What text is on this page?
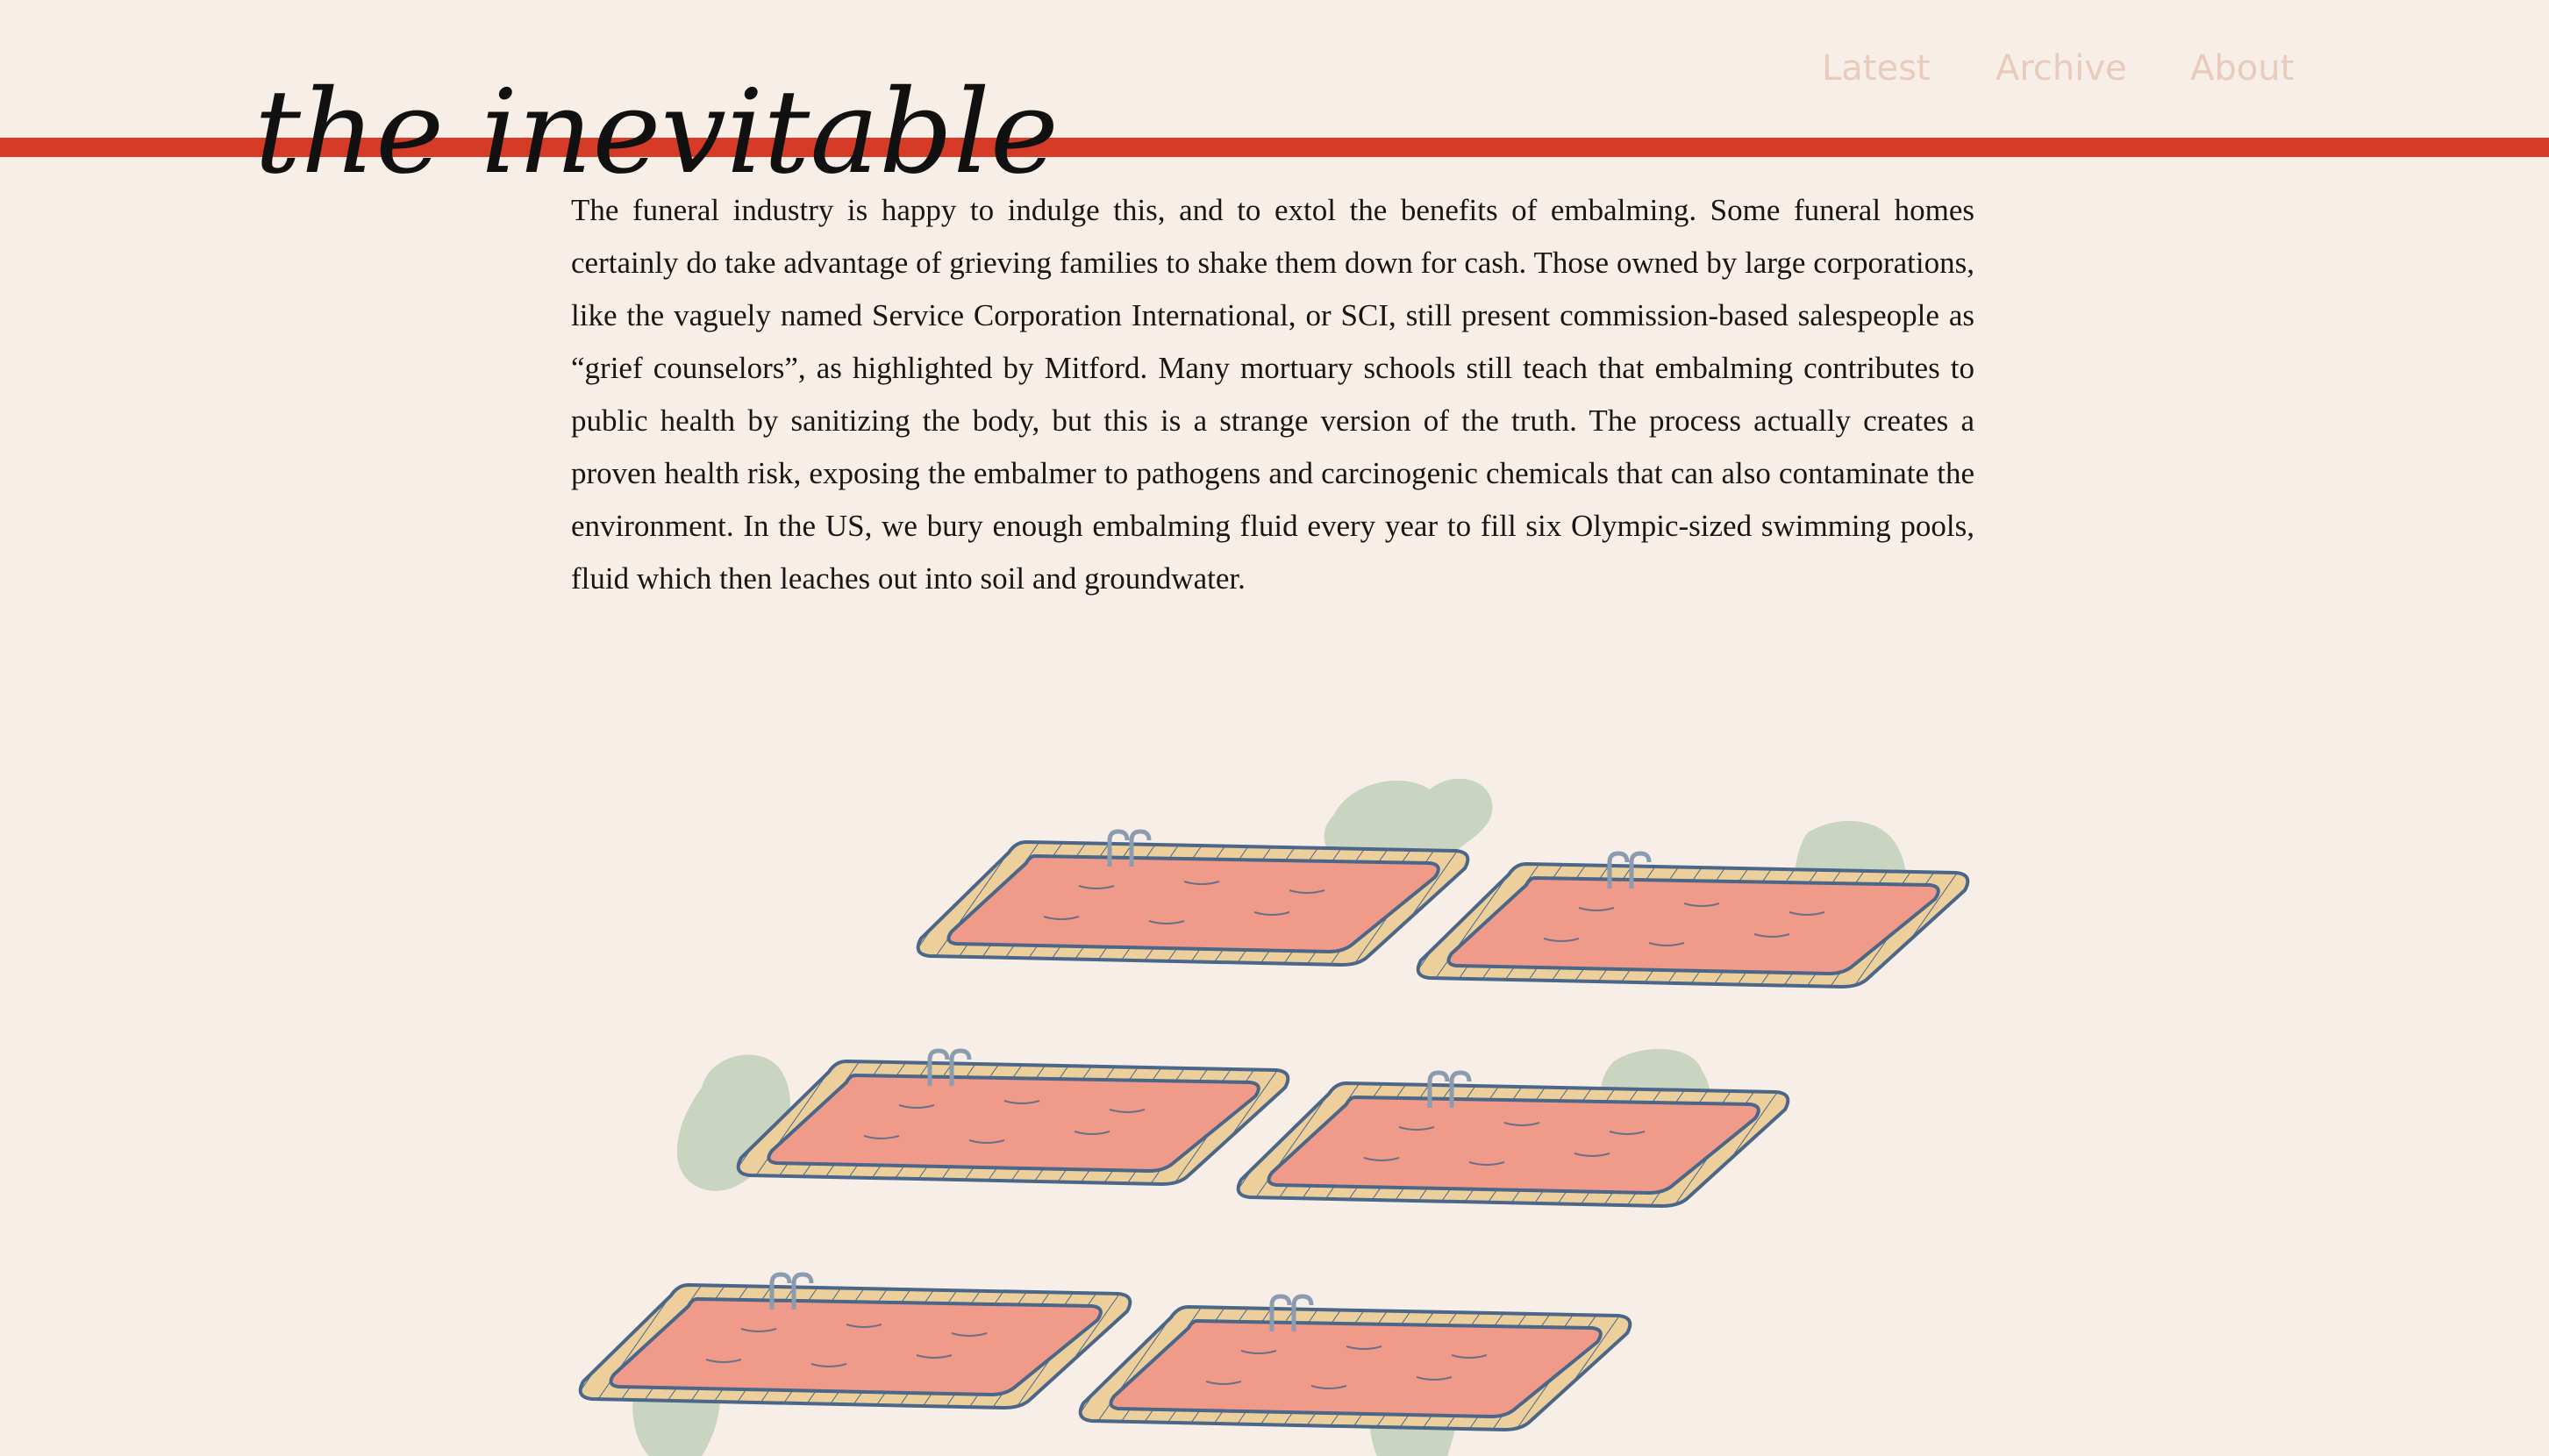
the inevitable	Latest Archive About

The funeral industry is happy to indulge this, and to extol the benefits of embalming. Some funeral homes certainly do take advantage of grieving families to shake them down for cash. Those owned by large corporations, like the vaguely named Service Corporation International, or SCI, still present commission-based salespeople as “grief counselors”, as highlighted by Mitford. Many mortuary schools still teach that embalming contributes to public health by sanitizing the body, but this is a strange version of the truth. The process actually creates a proven health risk, exposing the embalmer to pathogens and carcinogenic chemicals that can also contaminate the environment. In the US, we bury enough embalming fluid every year to fill six Olympic-sized swimming pools, fluid which then leaches out into soil and groundwater.
